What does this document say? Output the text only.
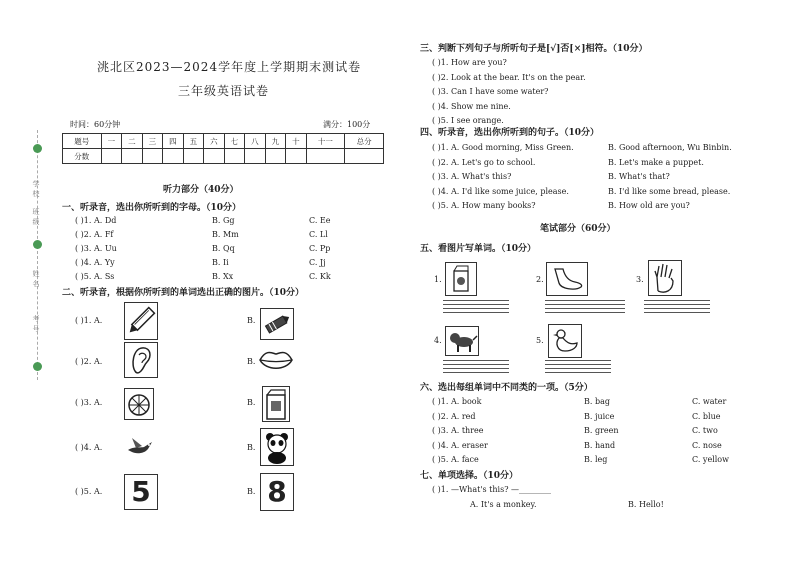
学
校
班
级
姓
名
考
号
洮北区2023—2024学年度上学期期末测试卷
三年级英语试卷
时间：60分钟	满分：100分
题号	一	二	三	四	五	六	七	八	九	十	十一	总分
分数												
听力部分（40分）
一、听录音，选出你所听到的字母。（10分）
( )1. A. Dd	B. Gg	C. Ee
( )2. A. Ff	B. Mm	C. Ll
( )3. A. Uu	B. Qq	C. Pp
( )4. A. Yy	B. Ii	C. Jj
( )5. A. Ss	B. Xx	C. Kk
二、听录音，根据你所听到的单词选出正确的图片。（10分）
( )1. A.	B.
( )2. A.	B.
( )3. A.	B.
( )4. A.	B.
( )5. A. 5	B. 8
三、判断下列句子与所听句子是[√]否[×]相符。（10分）
( )1. How are you?
( )2. Look at the bear. It's on the pear.
( )3. Can I have some water?
( )4. Show me nine.
( )5. I see orange.
四、听录音，选出你所听到的句子。（10分）
( )1. A. Good morning, Miss Green.	B. Good afternoon, Wu Binbin.
( )2. A. Let's go to school.	B. Let's make a puppet.
( )3. A. What's this?	B. What's that?
( )4. A. I'd like some juice, please.	B. I'd like some bread, please.
( )5. A. How many books?	B. How old are you?
笔试部分（60分）
五、看图片写单词。（10分）
1.	2.	3.
4.	5.
六、选出每组单词中不同类的一项。（5分）
( )1. A. book	B. bag	C. water
( )2. A. red	B. juice	C. blue
( )3. A. three	B. green	C. two
( )4. A. eraser	B. hand	C. nose
( )5. A. face	B. leg	C. yellow
七、单项选择。（10分）
( )1. —What's this? —________
A. It's a monkey.	B. Hello!
